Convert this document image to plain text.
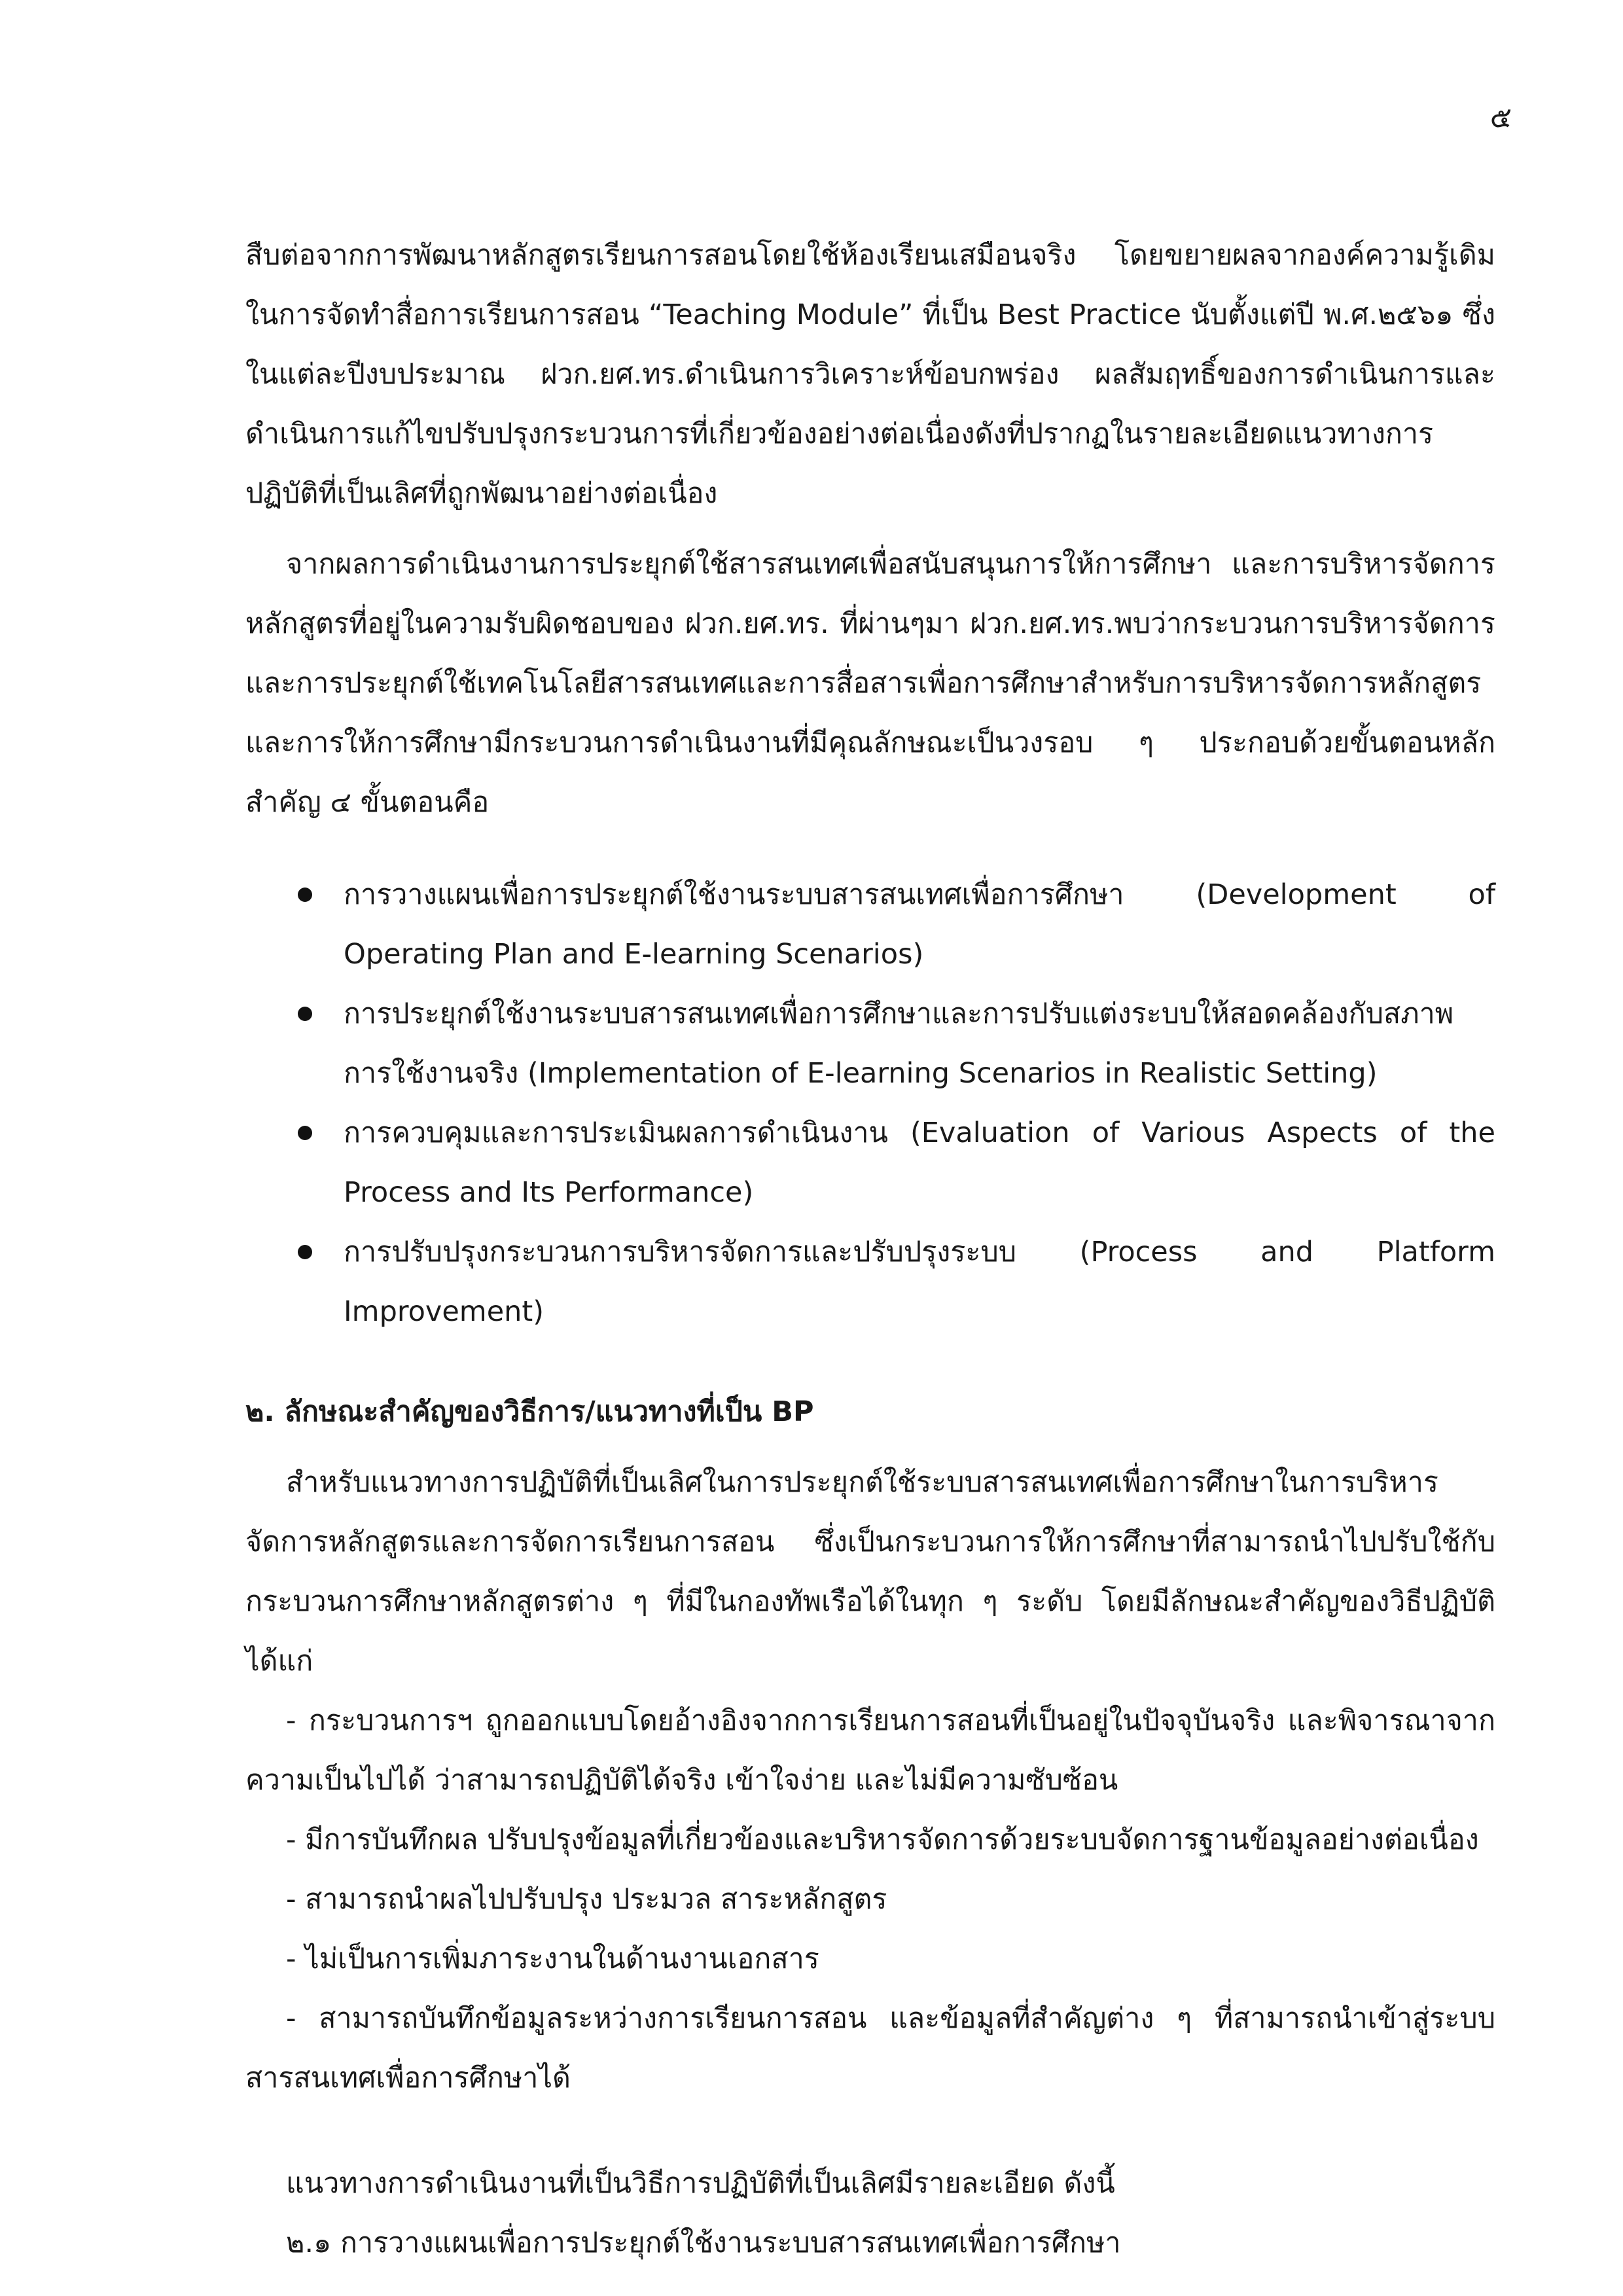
๕

สืบต่อจากการพัฒนาหลักสูตรเรียนการสอนโดยใช้ห้องเรียนเสมือนจริง โดยขยายผลจากองค์ความรู้เดิมในการจัดทำสื่อการเรียนการสอน “Teaching Module” ที่เป็น Best Practice นับตั้งแต่ปี พ.ศ.๒๕๖๑ ซึ่งในแต่ละปีงบประมาณ ฝวก.ยศ.ทร.ดำเนินการวิเคราะห์ข้อบกพร่อง ผลสัมฤทธิ์ของการดำเนินการและดำเนินการแก้ไขปรับปรุงกระบวนการที่เกี่ยวข้องอย่างต่อเนื่องดังที่ปรากฏในรายละเอียดแนวทางการปฏิบัติที่เป็นเลิศที่ถูกพัฒนาอย่างต่อเนื่อง

จากผลการดำเนินงานการประยุกต์ใช้สารสนเทศเพื่อสนับสนุนการให้การศึกษา และการบริหารจัดการหลักสูตรที่อยู่ในความรับผิดชอบของ ฝวก.ยศ.ทร. ที่ผ่านๆมา ฝวก.ยศ.ทร.พบว่ากระบวนการบริหารจัดการและการประยุกต์ใช้เทคโนโลยีสารสนเทศและการสื่อสารเพื่อการศึกษาสำหรับการบริหารจัดการหลักสูตรและการให้การศึกษามีกระบวนการดำเนินงานที่มีคุณลักษณะเป็นวงรอบ ๆ ประกอบด้วยขั้นตอนหลักสำคัญ ๔ ขั้นตอนคือ

การวางแผนเพื่อการประยุกต์ใช้งานระบบสารสนเทศเพื่อการศึกษา (Development of Operating Plan and E-learning Scenarios)
การประยุกต์ใช้งานระบบสารสนเทศเพื่อการศึกษาและการปรับแต่งระบบให้สอดคล้องกับสภาพการใช้งานจริง (Implementation of E-learning Scenarios in Realistic Setting)
การควบคุมและการประเมินผลการดำเนินงาน (Evaluation of Various Aspects of the Process and Its Performance)
การปรับปรุงกระบวนการบริหารจัดการและปรับปรุงระบบ (Process and Platform Improvement)

๒. ลักษณะสำคัญของวิธีการ/แนวทางที่เป็น BP

สำหรับแนวทางการปฏิบัติที่เป็นเลิศในการประยุกต์ใช้ระบบสารสนเทศเพื่อการศึกษาในการบริหารจัดการหลักสูตรและการจัดการเรียนการสอน ซึ่งเป็นกระบวนการให้การศึกษาที่สามารถนำไปปรับใช้กับกระบวนการศึกษาหลักสูตรต่าง ๆ ที่มีในกองทัพเรือได้ในทุก ๆ ระดับ โดยมีลักษณะสำคัญของวิธีปฏิบัติ ได้แก่

- กระบวนการฯ ถูกออกแบบโดยอ้างอิงจากการเรียนการสอนที่เป็นอยู่ในปัจจุบันจริง และพิจารณาจากความเป็นไปได้ ว่าสามารถปฏิบัติได้จริง เข้าใจง่าย และไม่มีความซับซ้อน

- มีการบันทึกผล ปรับปรุงข้อมูลที่เกี่ยวข้องและบริหารจัดการด้วยระบบจัดการฐานข้อมูลอย่างต่อเนื่อง

- สามารถนำผลไปปรับปรุง ประมวล สาระหลักสูตร

- ไม่เป็นการเพิ่มภาระงานในด้านงานเอกสาร

- สามารถบันทึกข้อมูลระหว่างการเรียนการสอน และข้อมูลที่สำคัญต่าง ๆ ที่สามารถนำเข้าสู่ระบบสารสนเทศเพื่อการศึกษาได้

แนวทางการดำเนินงานที่เป็นวิธีการปฏิบัติที่เป็นเลิศมีรายละเอียด ดังนี้

๒.๑ การวางแผนเพื่อการประยุกต์ใช้งานระบบสารสนเทศเพื่อการศึกษา
